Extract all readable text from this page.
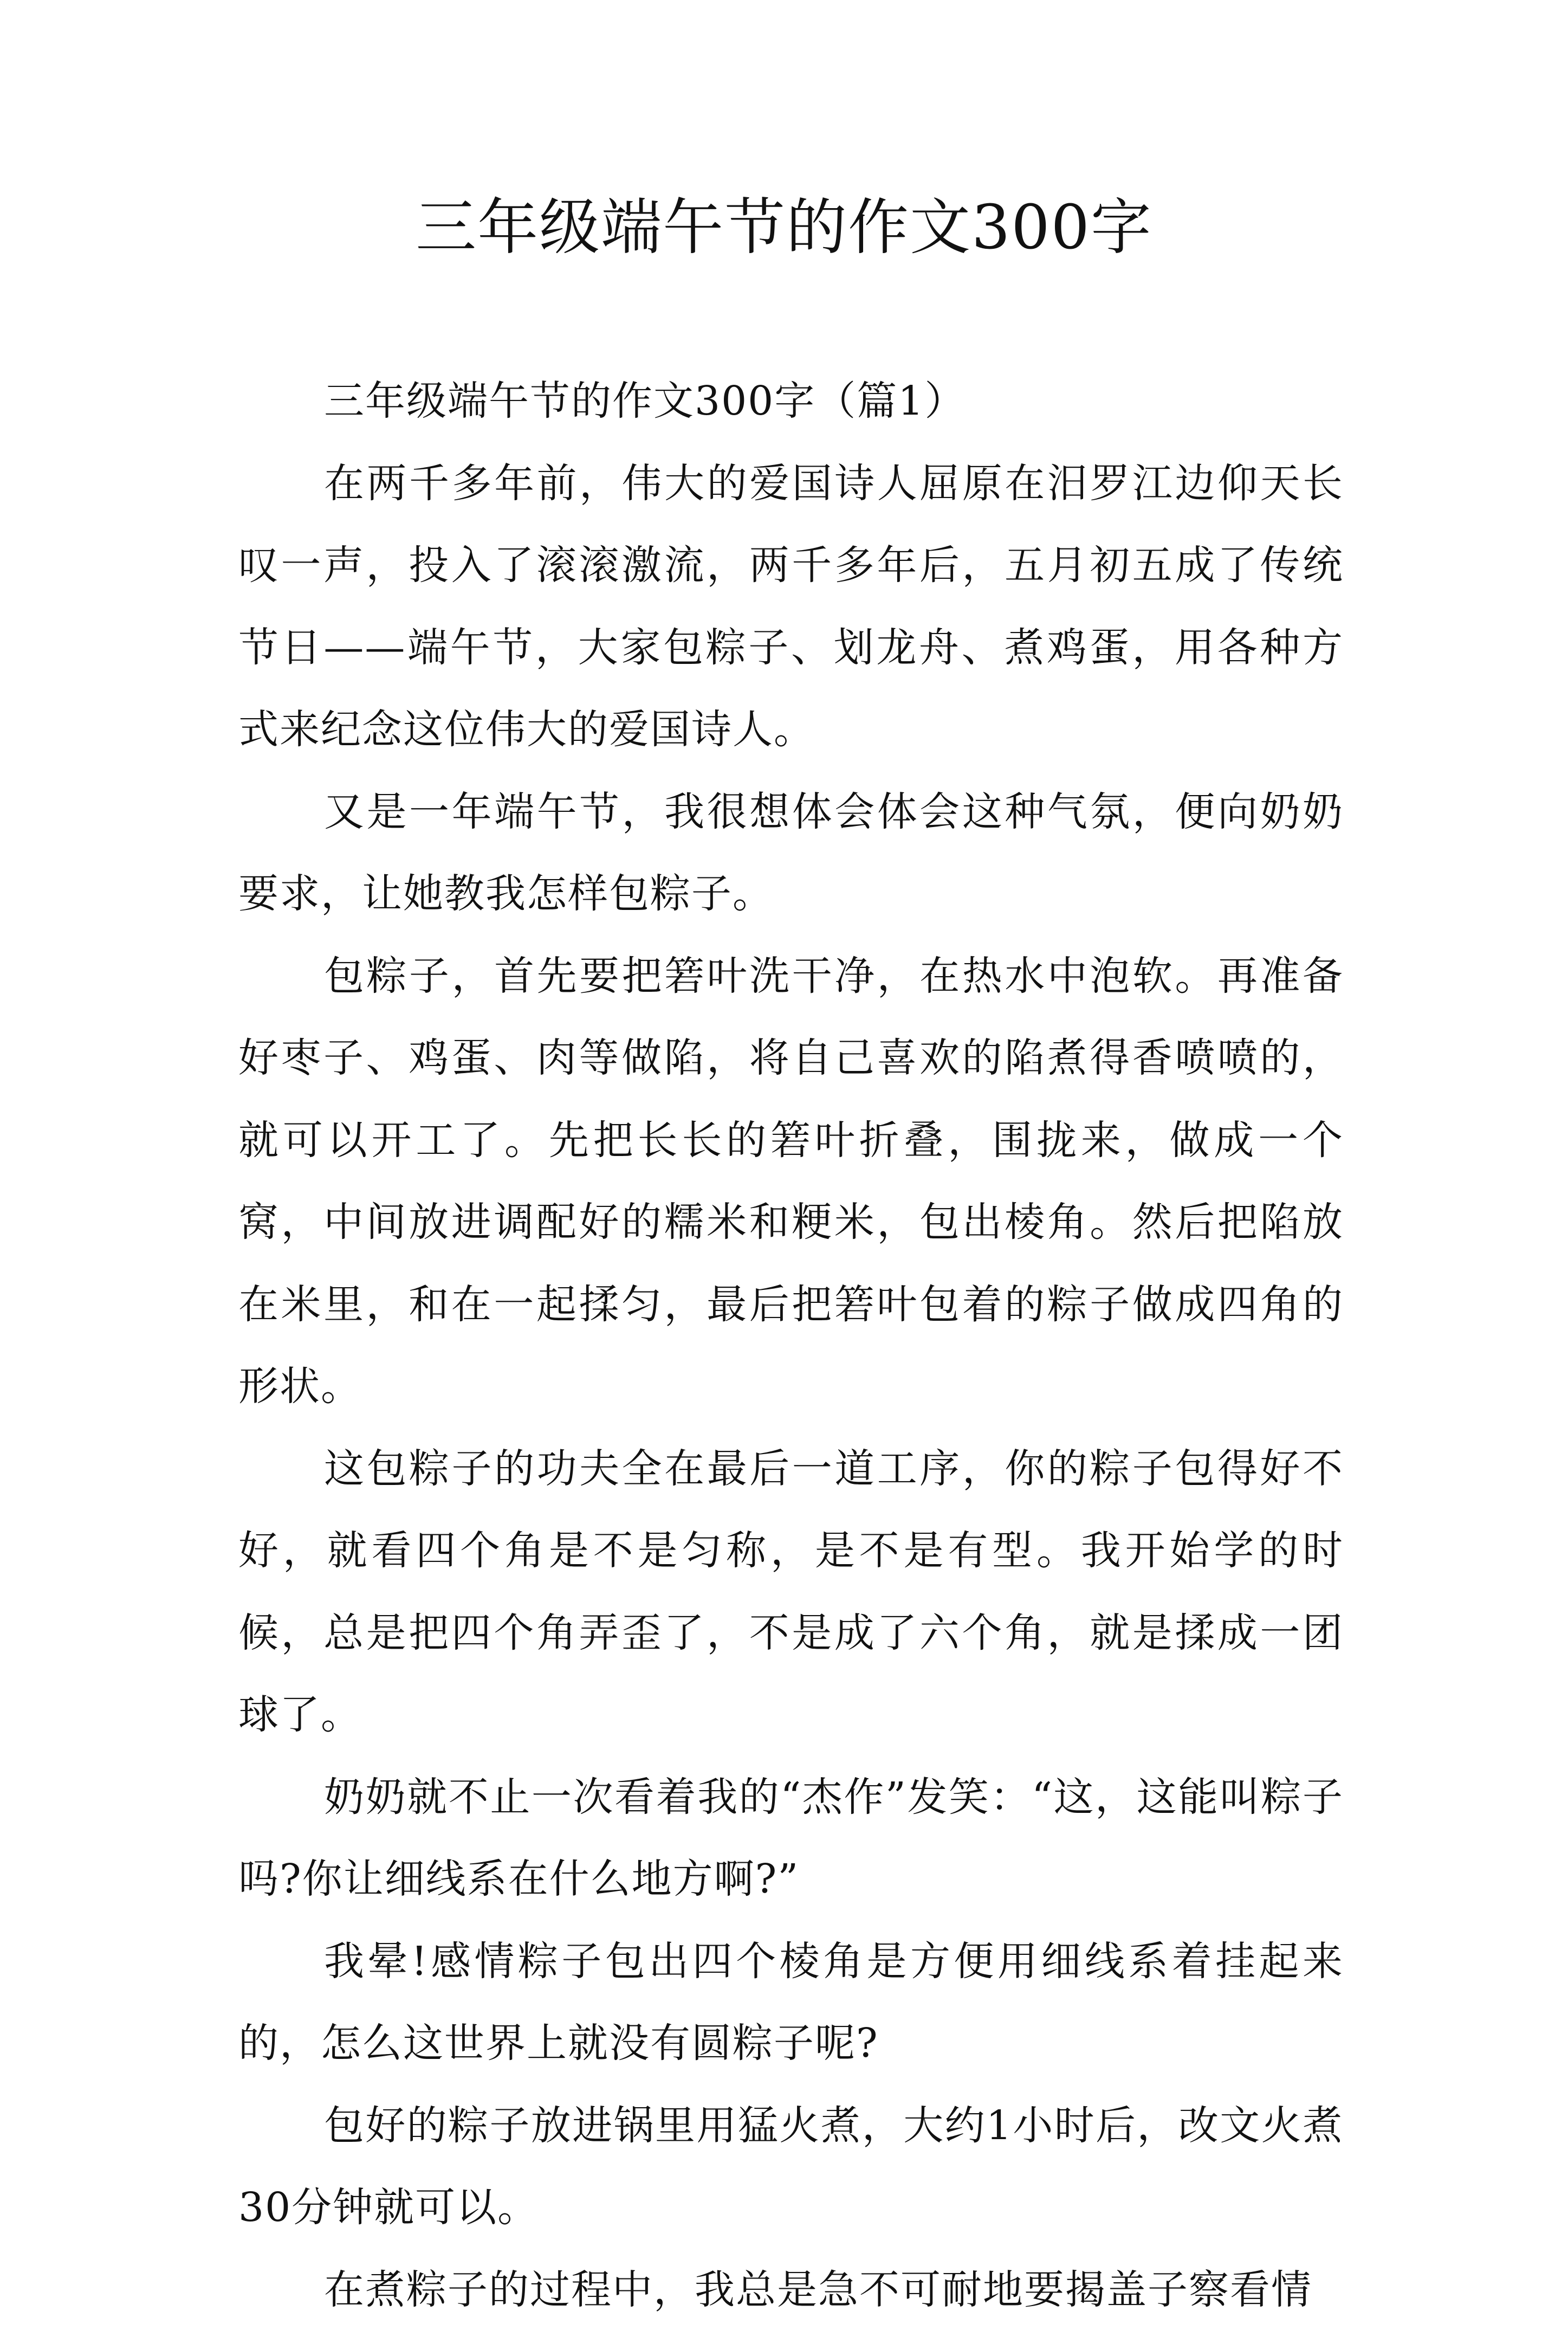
三年级端午节的作文300字

三年级端午节的作文300字（篇1）

在两千多年前，伟大的爱国诗人屈原在汨罗江边仰天长叹一声，投入了滚滚激流，两千多年后，五月初五成了传统节日——端午节，大家包粽子、划龙舟、煮鸡蛋，用各种方式来纪念这位伟大的爱国诗人。

又是一年端午节，我很想体会体会这种气氛，便向奶奶要求，让她教我怎样包粽子。

包粽子，首先要把箬叶洗干净，在热水中泡软。再准备好枣子、鸡蛋、肉等做陷，将自己喜欢的陷煮得香喷喷的，就可以开工了。先把长长的箬叶折叠，围拢来，做成一个窝，中间放进调配好的糯米和粳米，包出棱角。然后把陷放在米里，和在一起揉匀，最后把箬叶包着的粽子做成四角的形状。

这包粽子的功夫全在最后一道工序，你的粽子包得好不好，就看四个角是不是匀称，是不是有型。我开始学的时候，总是把四个角弄歪了，不是成了六个角，就是揉成一团球了。

奶奶就不止一次看着我的“杰作”发笑：“这，这能叫粽子吗?你让细线系在什么地方啊?”

我晕!感情粽子包出四个棱角是方便用细线系着挂起来的，怎么这世界上就没有圆粽子呢?

包好的粽子放进锅里用猛火煮，大约1小时后，改文火煮30分钟就可以。

在煮粽子的过程中，我总是急不可耐地要揭盖子察看情
